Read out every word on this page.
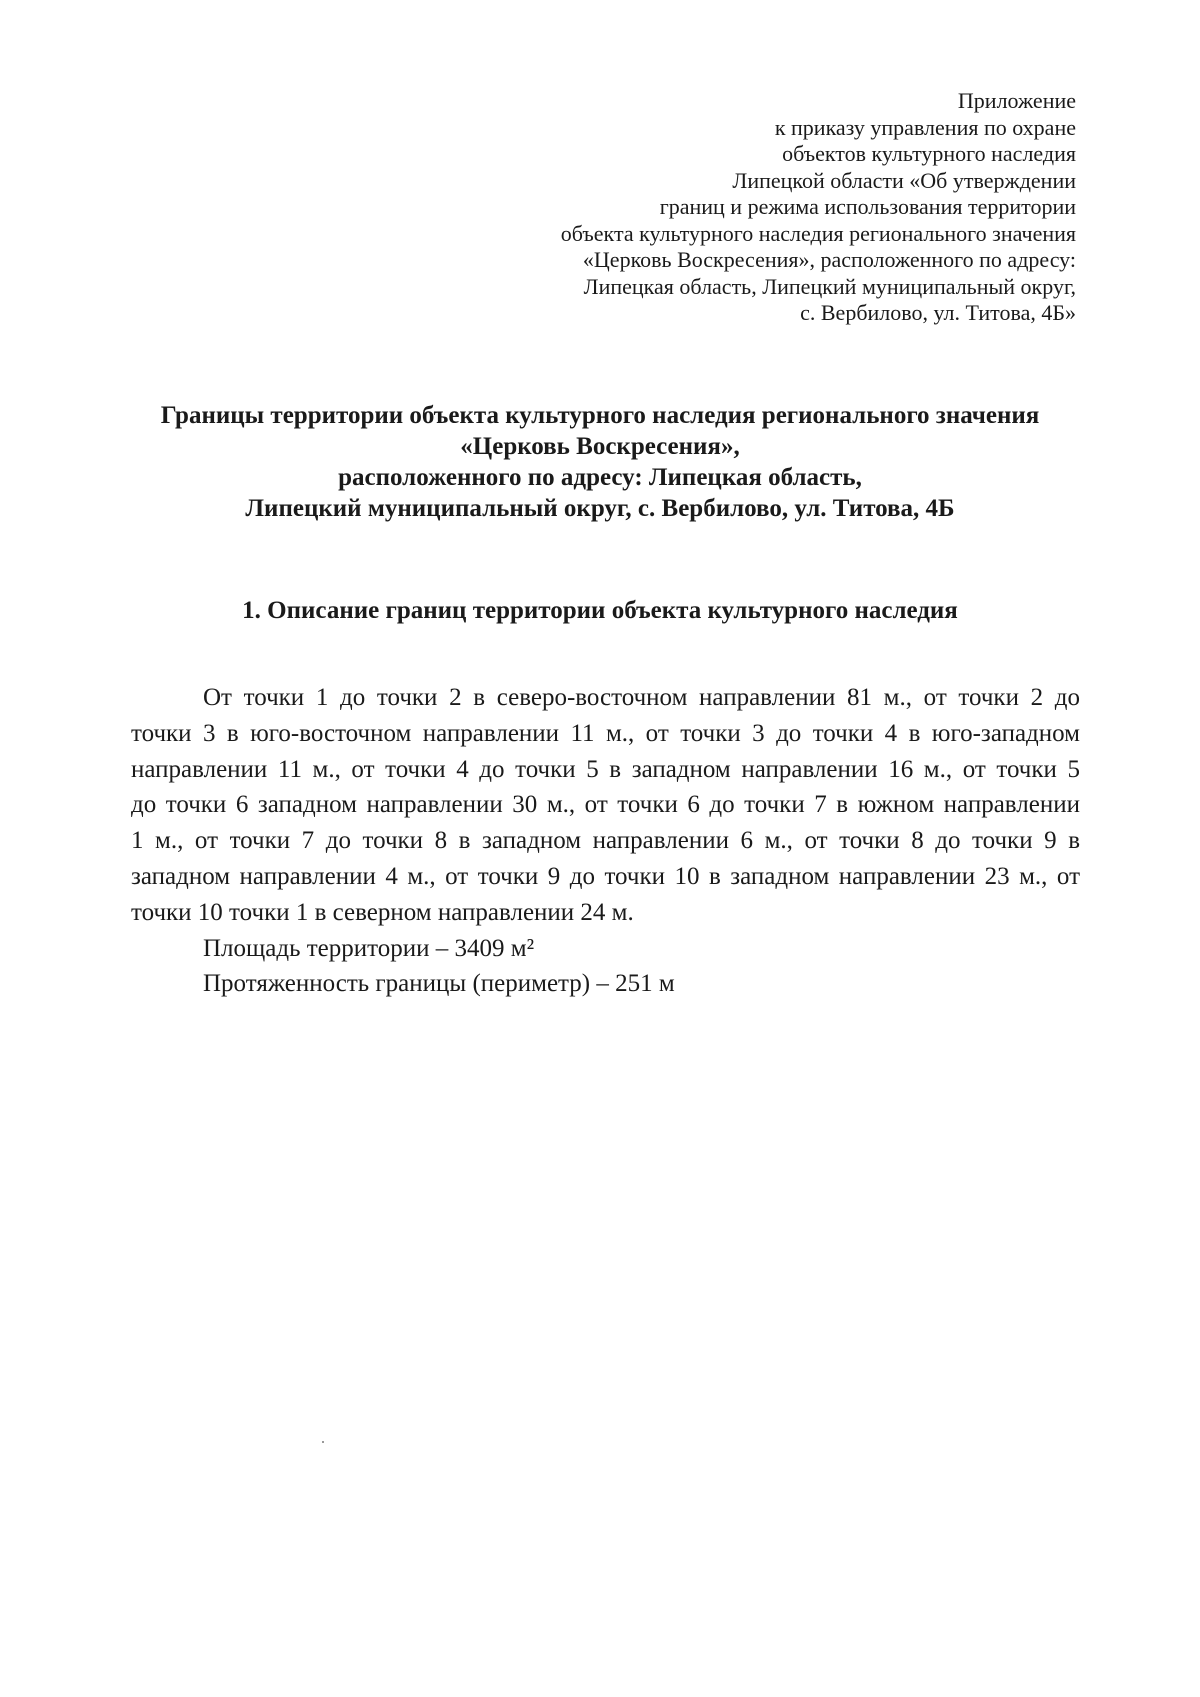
Приложение
к приказу управления по охране
объектов культурного наследия
Липецкой области «Об утверждении
границ и режима использования территории
объекта культурного наследия регионального значения
«Церковь Воскресения», расположенного по адресу:
Липецкая область, Липецкий муниципальный округ,
с. Вербилово, ул. Титова, 4Б»
Границы территории объекта культурного наследия регионального значения
«Церковь Воскресения»,
расположенного по адресу: Липецкая область,
Липецкий муниципальный округ, с. Вербилово, ул. Титова, 4Б
1. Описание границ территории объекта культурного наследия
От точки 1 до точки 2 в северо-восточном направлении 81 м., от точки 2 до
точки 3 в юго-восточном направлении 11 м., от точки 3 до точки 4 в юго-западном
направлении 11 м., от точки 4 до точки 5 в западном направлении 16 м., от точки 5
до точки 6 западном направлении 30 м., от точки 6 до точки 7 в южном направлении
1 м., от точки 7 до точки 8 в западном направлении 6 м., от точки 8 до точки 9 в
западном направлении 4 м., от точки 9 до точки 10 в западном направлении 23 м., от
точки 10 точки 1 в северном направлении 24 м.
Площадь территории – 3409 м²
Протяженность границы (периметр) – 251 м
